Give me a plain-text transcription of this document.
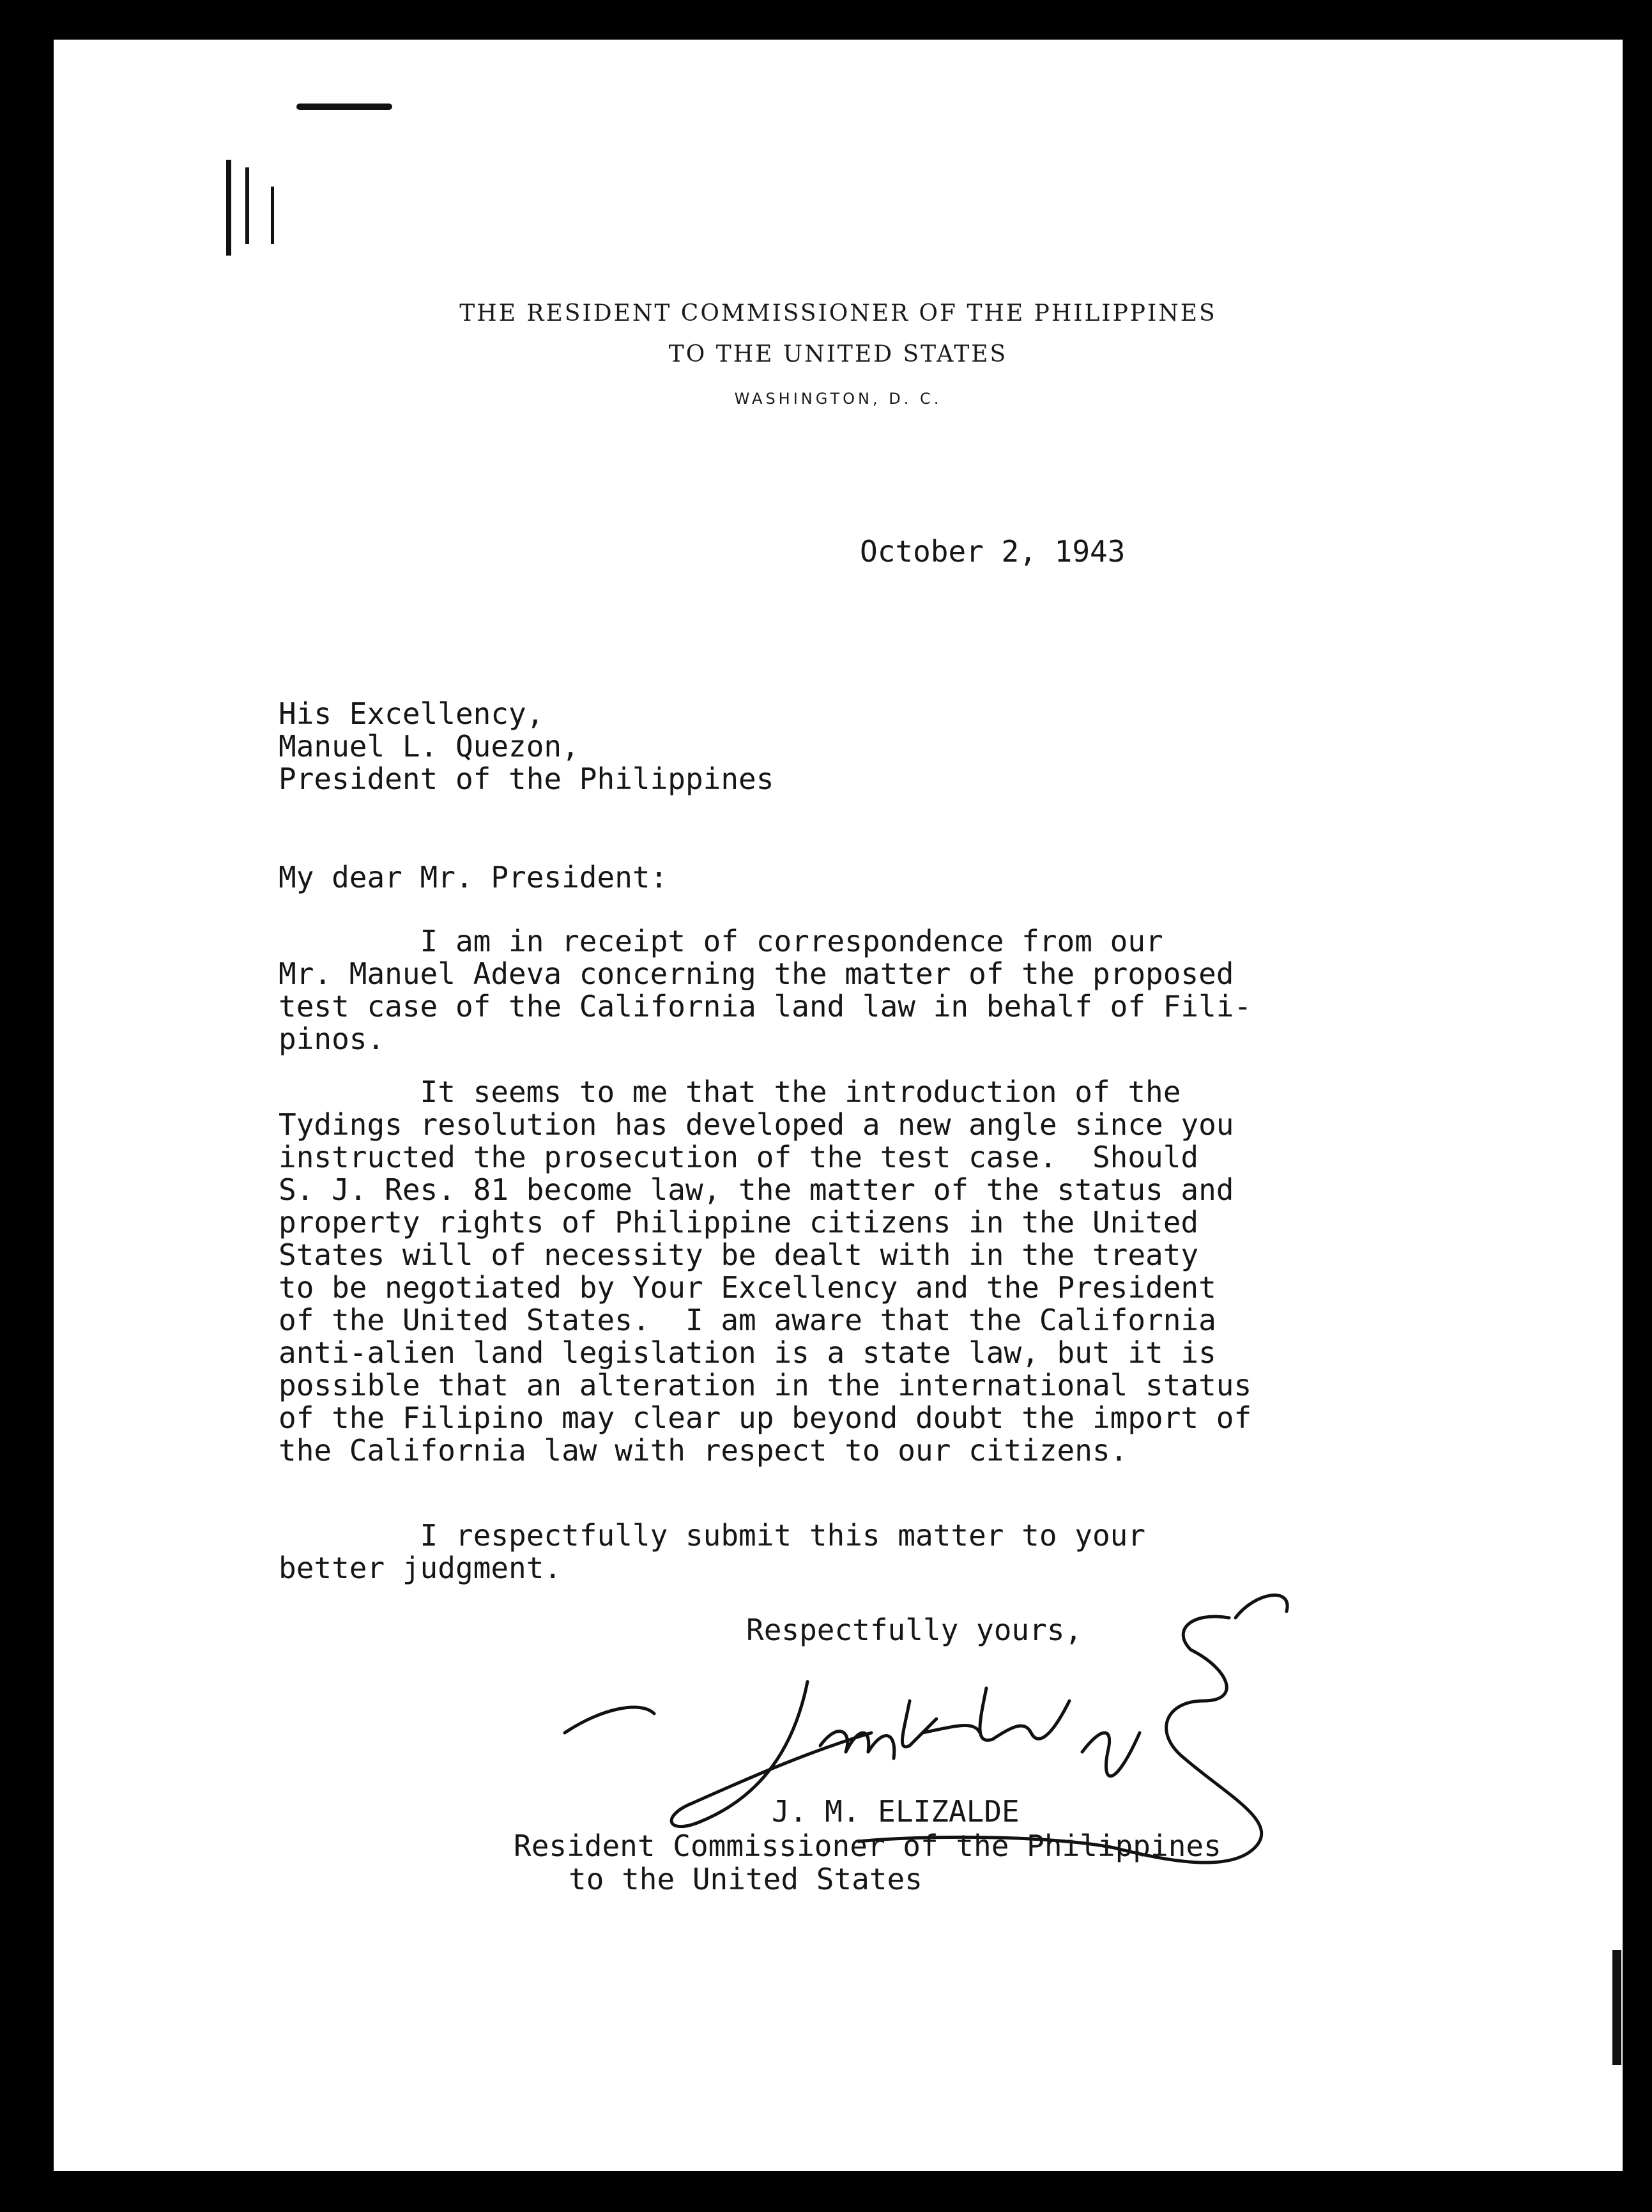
THE RESIDENT COMMISSIONER OF THE PHILIPPINES
TO THE UNITED STATES
WASHINGTON, D. C.
October 2, 1943
His Excellency,
Manuel L. Quezon,
President of the Philippines
My dear Mr. President:
I am in receipt of correspondence from our
Mr. Manuel Adeva concerning the matter of the proposed
test case of the California land law in behalf of Fili-
pinos.
It seems to me that the introduction of the
Tydings resolution has developed a new angle since you
instructed the prosecution of the test case.  Should
S. J. Res. 81 become law, the matter of the status and
property rights of Philippine citizens in the United
States will of necessity be dealt with in the treaty
to be negotiated by Your Excellency and the President
of the United States.  I am aware that the California
anti-alien land legislation is a state law, but it is
possible that an alteration in the international status
of the Filipino may clear up beyond doubt the import of
the California law with respect to our citizens.
I respectfully submit this matter to your
better judgment.
Respectfully yours,
J. M. ELIZALDE
Resident Commissioner of the Philippines
to the United States
